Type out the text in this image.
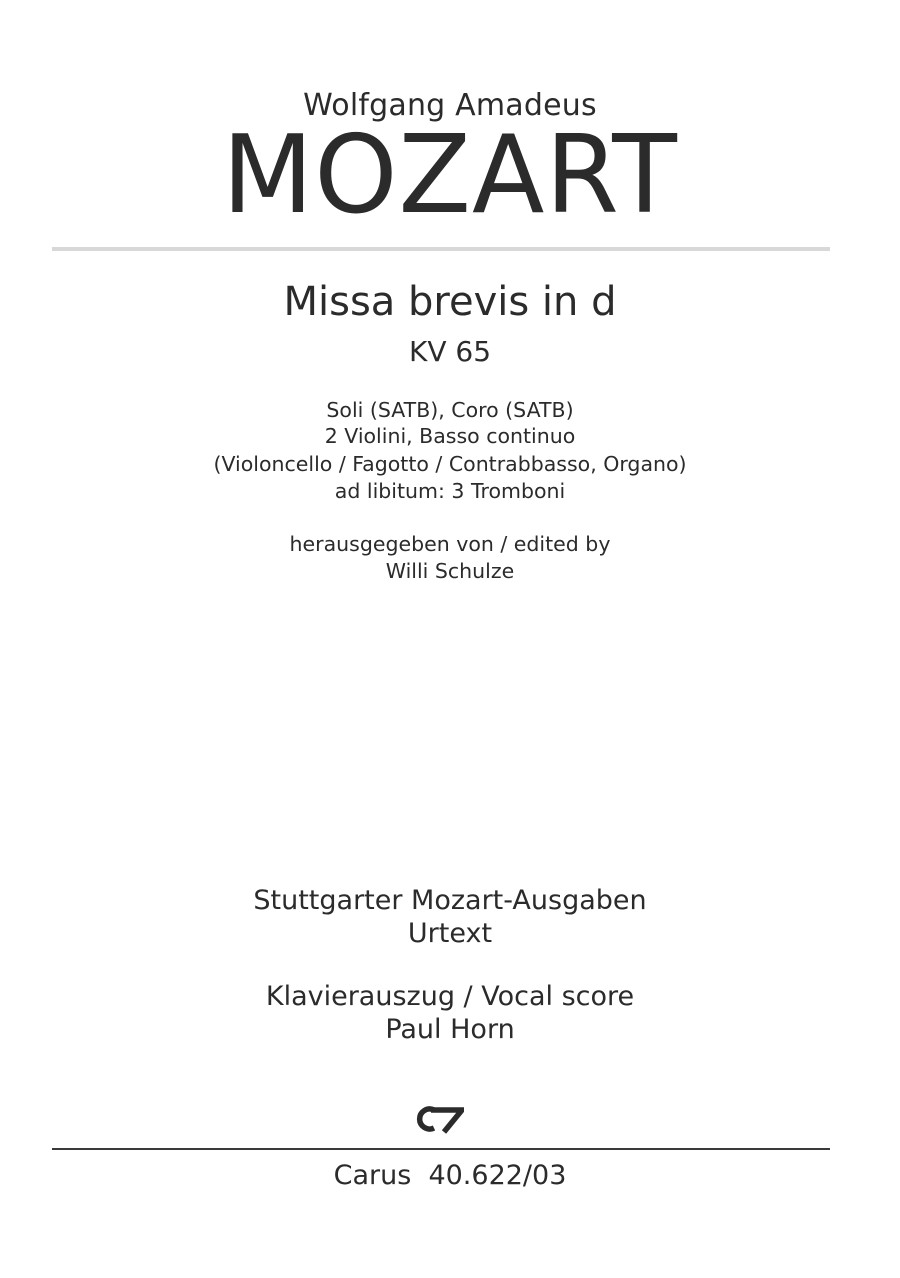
Wolfgang Amadeus
MOZART
Missa brevis in d
KV 65
Soli (SATB), Coro (SATB)
2 Violini, Basso continuo
(Violoncello / Fagotto / Contrabbasso, Organo)
ad libitum: 3 Tromboni
herausgegeben von / edited by
Willi Schulze
Stuttgarter Mozart-Ausgaben
Urtext
Klavierauszug / Vocal score
Paul Horn
Carus  40.622/03
